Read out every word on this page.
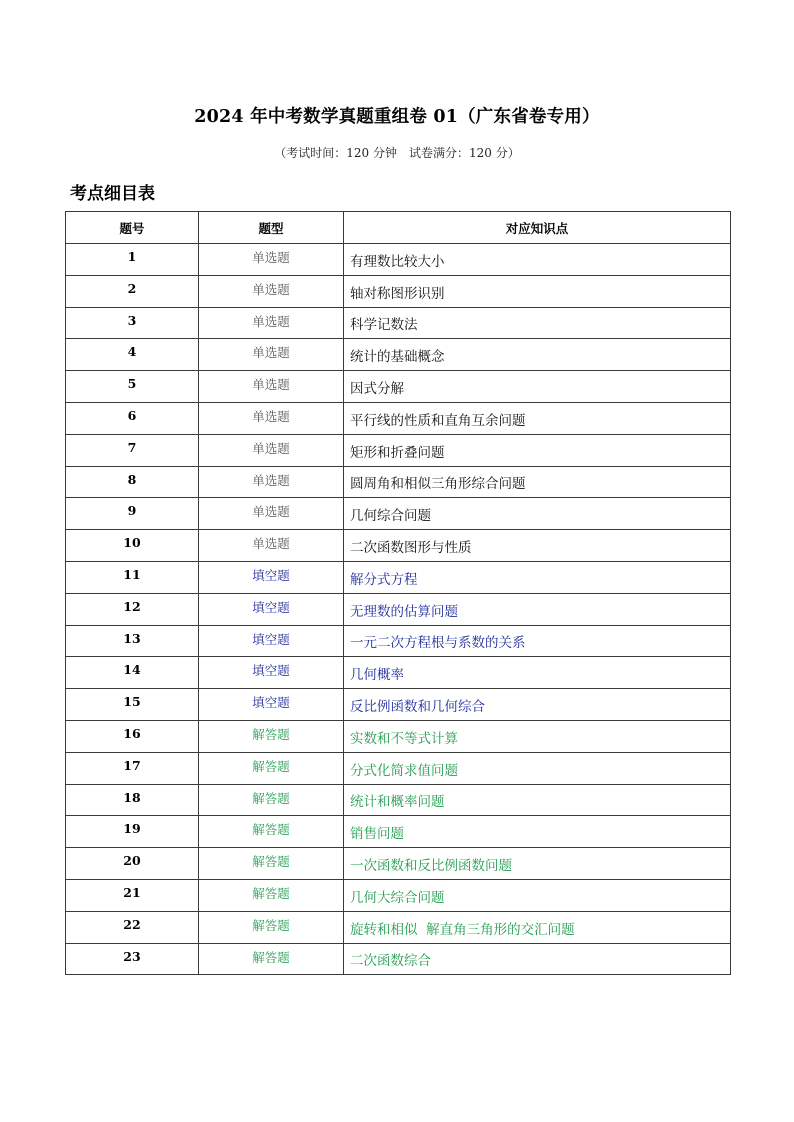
2024 年中考数学真题重组卷 01（广东省卷专用）
（考试时间：120 分钟　试卷满分：120 分）
考点细目表
题号	题型	对应知识点
1	单选题	有理数比较大小
2	单选题	轴对称图形识别
3	单选题	科学记数法
4	单选题	统计的基础概念
5	单选题	因式分解
6	单选题	平行线的性质和直角互余问题
7	单选题	矩形和折叠问题
8	单选题	圆周角和相似三角形综合问题
9	单选题	几何综合问题
10	单选题	二次函数图形与性质
11	填空题	解分式方程
12	填空题	无理数的估算问题
13	填空题	一元二次方程根与系数的关系
14	填空题	几何概率
15	填空题	反比例函数和几何综合
16	解答题	实数和不等式计算
17	解答题	分式化简求值问题
18	解答题	统计和概率问题
19	解答题	销售问题
20	解答题	一次函数和反比例函数问题
21	解答题	几何大综合问题
22	解答题	旋转和相似  解直角三角形的交汇问题
23	解答题	二次函数综合
